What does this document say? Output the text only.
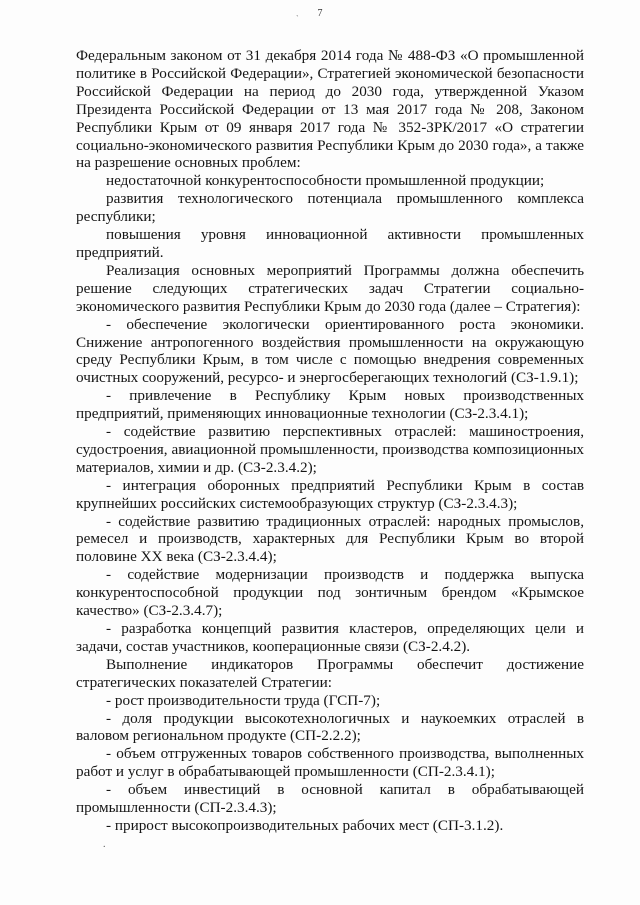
7
`

Федеральным законом от 31 декабря 2014 года № 488-ФЗ «О промышленной политике в Российской Федерации», Стратегией экономической безопасности Российской Федерации на период до 2030 года, утвержденной Указом Президента Российской Федерации от 13 мая 2017 года № 208, Законом Республики Крым от 09 января 2017 года № 352-ЗРК/2017 «О стратегии социально-экономического развития Республики Крым до 2030 года», а также на разрешение основных проблем:

недостаточной конкурентоспособности промышленной продукции;

развития технологического потенциала промышленного комплекса республики;

повышения уровня инновационной активности промышленных предприятий.

Реализация основных мероприятий Программы должна обеспечить решение следующих стратегических задач Стратегии социально-экономического развития Республики Крым до 2030 года (далее – Стратегия):

- обеспечение экологически ориентированного роста экономики. Снижение антропогенного воздействия промышленности на окружающую среду Республики Крым, в том числе с помощью внедрения современных очистных сооружений, ресурсо- и энергосберегающих технологий (СЗ-1.9.1);

- привлечение в Республику Крым новых производственных предприятий, применяющих инновационные технологии (СЗ-2.3.4.1);

- содействие развитию перспективных отраслей: машиностроения, судостроения, авиационной промышленности, производства композиционных материалов, химии и др. (СЗ-2.3.4.2);

- интеграция оборонных предприятий Республики Крым в состав крупнейших российских системообразующих структур (СЗ-2.3.4.3);

- содействие развитию традиционных отраслей: народных промыслов, ремесел и производств, характерных для Республики Крым во второй половине XX века (СЗ-2.3.4.4);

- содействие модернизации производств и поддержка выпуска конкурентоспособной продукции под зонтичным брендом «Крымское качество» (СЗ-2.3.4.7);

- разработка концепций развития кластеров, определяющих цели и задачи, состав участников, кооперационные связи (СЗ-2.4.2).

Выполнение индикаторов Программы обеспечит достижение стратегических показателей Стратегии:

- рост производительности труда (ГСП-7);

- доля продукции высокотехнологичных и наукоемких отраслей в валовом региональном продукте (СП-2.2.2);

- объем отгруженных товаров собственного производства, выполненных работ и услуг в обрабатывающей промышленности (СП-2.3.4.1);

- объем инвестиций в основной капитал в обрабатывающей промышленности (СП-2.3.4.3);

- прирост высокопроизводительных рабочих мест (СП-3.1.2).

.
